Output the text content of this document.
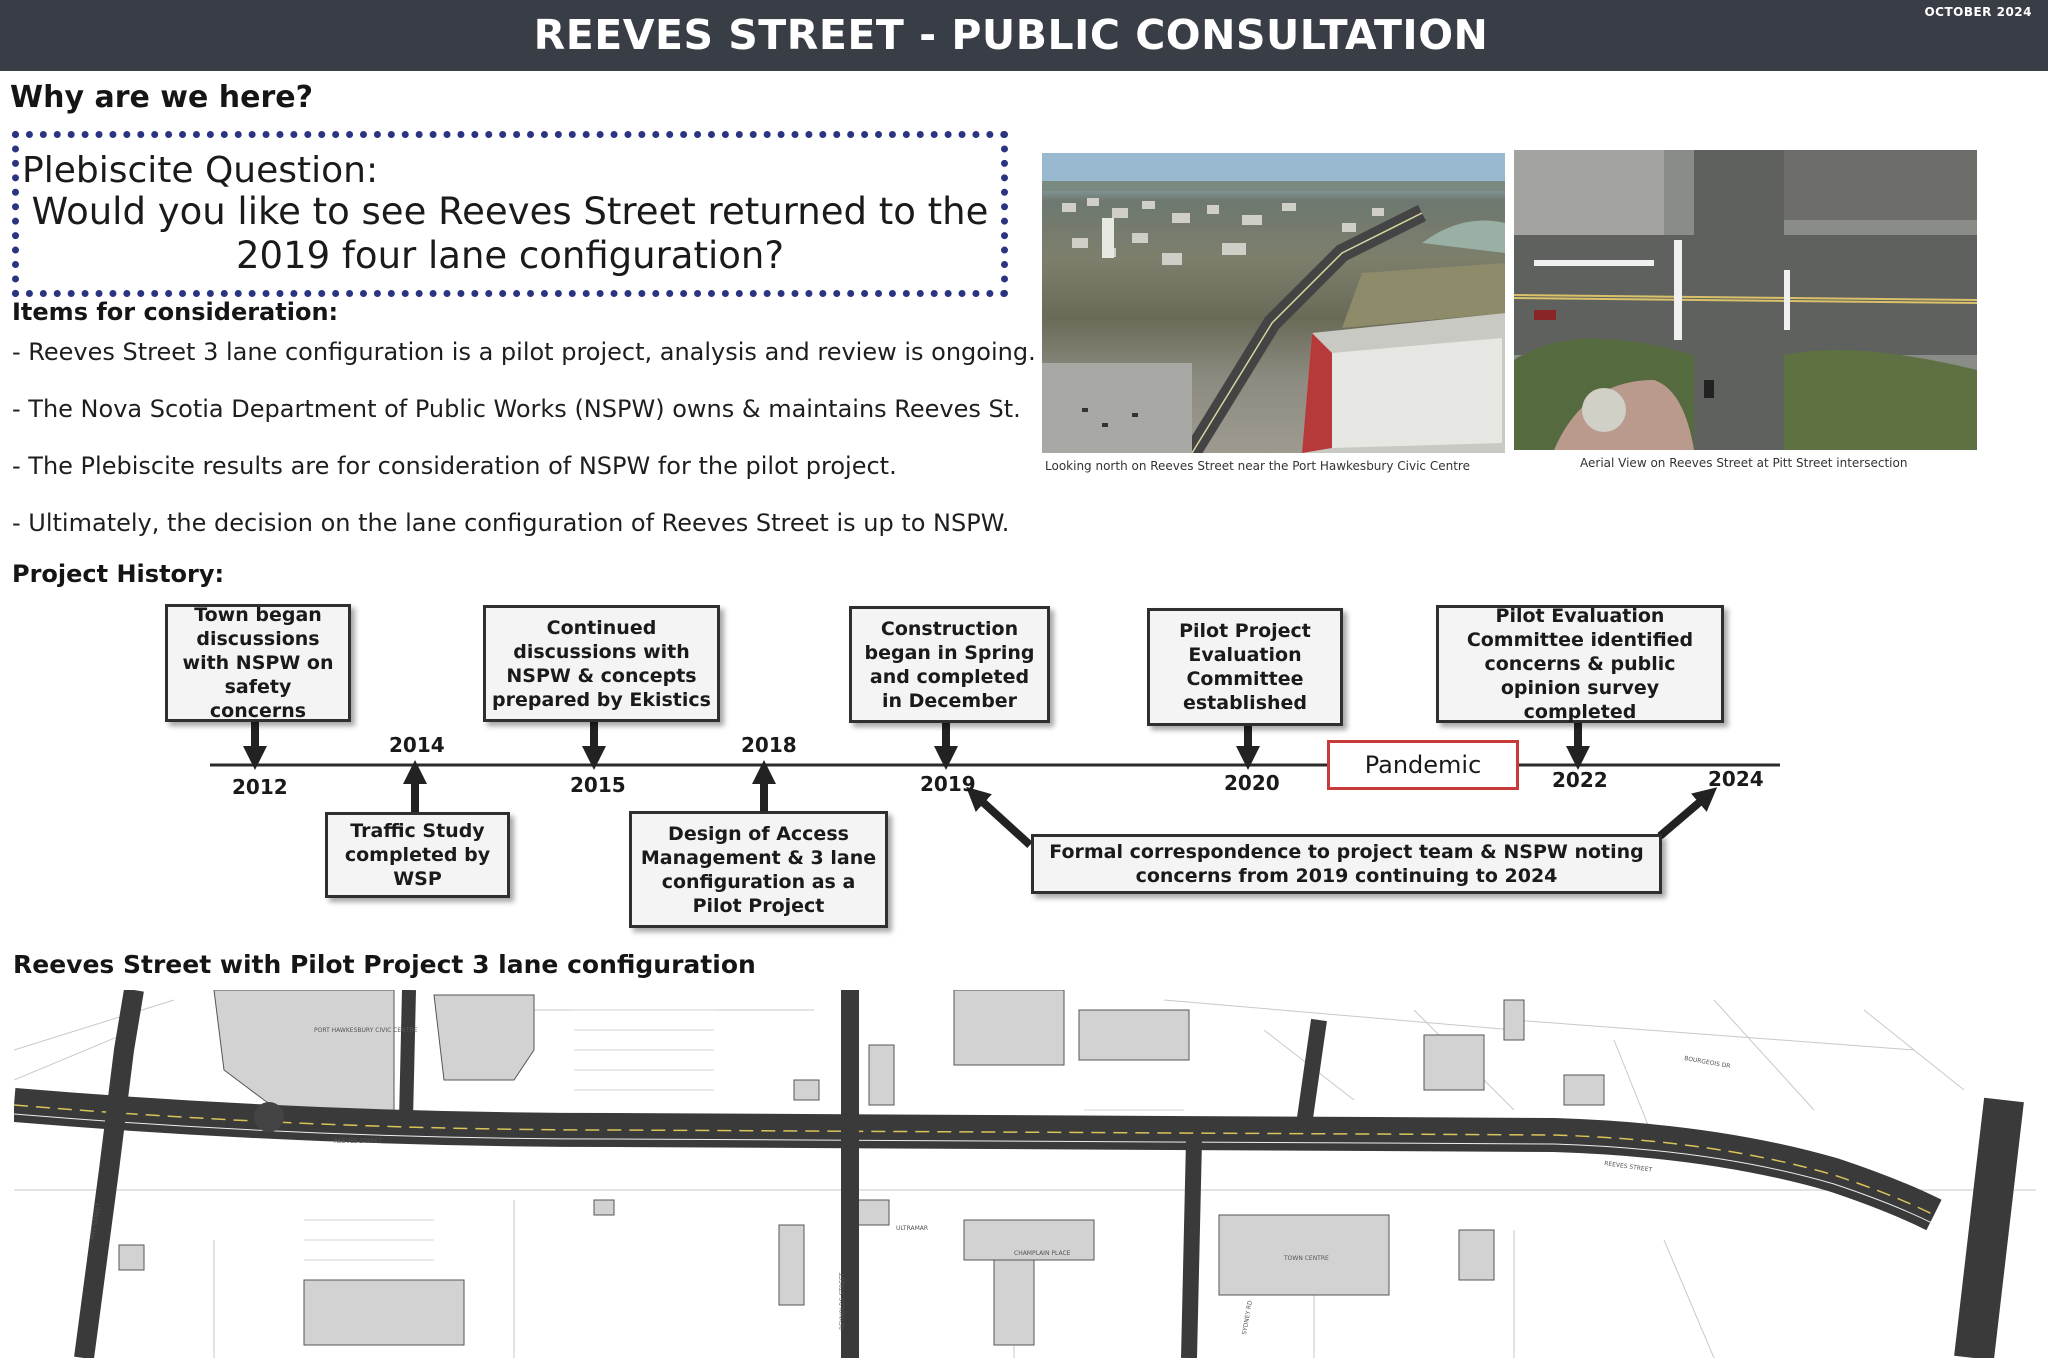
REEVES STREET - PUBLIC CONSULTATION	OCTOBER 2024
Why are we here?
Plebiscite Question:
Would you like to see Reeves Street returned to the 2019 four lane configuration?
Items for consideration:
- Reeves Street 3 lane configuration is a pilot project, analysis and review is ongoing.
- The Nova Scotia Department of Public Works (NSPW) owns & maintains Reeves St.
- The Plebiscite results are for consideration of NSPW for the pilot project.
- Ultimately, the decision on the lane configuration of Reeves Street is up to NSPW.
Looking north on Reeves Street near the Port Hawkesbury Civic Centre	Aerial View on Reeves Street at Pitt Street intersection
Project History:
Town began discussions with NSPW on safety concerns
Continued discussions with NSPW & concepts prepared by Ekistics
Construction began in Spring and completed in December
Pilot Project Evaluation Committee established
Pilot Evaluation Committee identified concerns & public opinion survey completed
Traffic Study completed by WSP
Design of Access Management & 3 lane configuration as a Pilot Project
Formal correspondence to project team & NSPW noting concerns from 2019 continuing to 2024
Pandemic
2012
2014
2015
2018
2019	2020	2022	2024
Reeves Street with Pilot Project 3 lane configuration
PORT HAWKESBURY CIVIC CENTRE
REEVES STREET
REEVES STREET
REYNOLDS STREET
PITT STREET
SYDNEY RD
TOWN CENTRE
BOURGEOIS DR
ULTRAMAR
CHAMPLAIN PLACE
